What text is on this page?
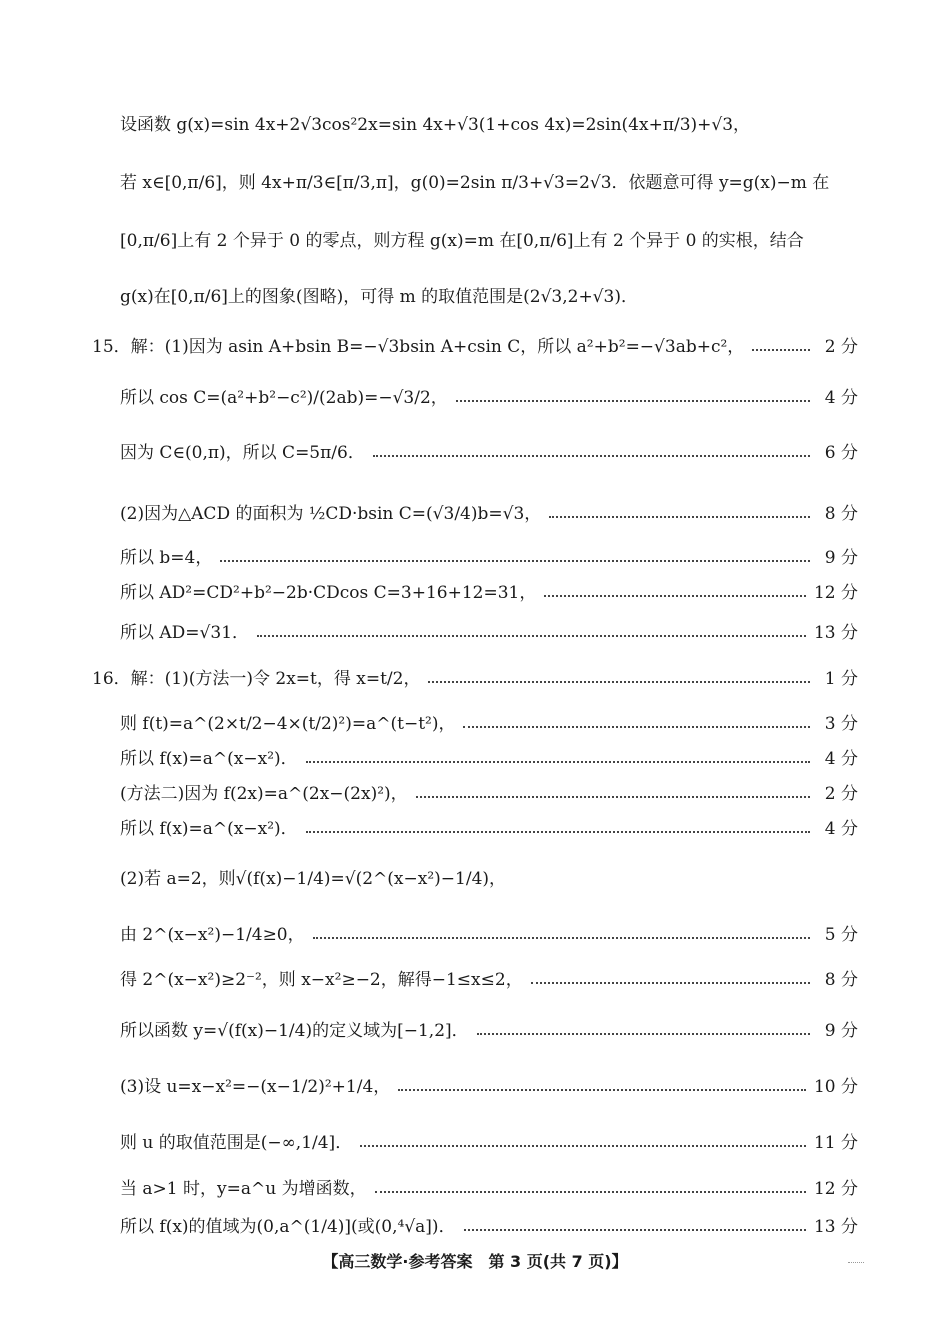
设函数 g(x)=sin 4x+2√3cos²2x=sin 4x+√3(1+cos 4x)=2sin(4x+π/3)+√3，
若 x∈[0,π/6]，则 4x+π/3∈[π/3,π]，g(0)=2sin π/3+√3=2√3．依题意可得 y=g(x)−m 在
[0,π/6]上有 2 个异于 0 的零点，则方程 g(x)=m 在[0,π/6]上有 2 个异于 0 的实根，结合
g(x)在[0,π/6]上的图象(图略)，可得 m 的取值范围是(2√3,2+√3)．
15．解：(1)因为 asin A+bsin B=−√3bsin A+csin C，所以 a²+b²=−√3ab+c²，	2 分
所以 cos C=(a²+b²−c²)/(2ab)=−√3/2，	4 分
因为 C∈(0,π)，所以 C=5π/6．	6 分
(2)因为△ACD 的面积为 ½CD·bsin C=(√3/4)b=√3，	8 分
所以 b=4，	9 分
所以 AD²=CD²+b²−2b·CDcos C=3+16+12=31，	12 分
所以 AD=√31．	13 分
16．解：(1)(方法一)令 2x=t，得 x=t/2，	1 分
则 f(t)=a^(2×t/2−4×(t/2)²)=a^(t−t²)，	3 分
所以 f(x)=a^(x−x²)．	4 分
(方法二)因为 f(2x)=a^(2x−(2x)²)，	2 分
所以 f(x)=a^(x−x²)．	4 分
(2)若 a=2，则√(f(x)−1/4)=√(2^(x−x²)−1/4)，
由 2^(x−x²)−1/4≥0，	5 分
得 2^(x−x²)≥2⁻²，则 x−x²≥−2，解得−1≤x≤2，	8 分
所以函数 y=√(f(x)−1/4)的定义域为[−1,2]．	9 分
(3)设 u=x−x²=−(x−1/2)²+1/4，	10 分
则 u 的取值范围是(−∞,1/4]．	11 分
当 a>1 时，y=a^u 为增函数，	12 分
所以 f(x)的值域为(0,a^(1/4)](或(0,⁴√a])．	13 分
【高三数学·参考答案　第 3 页(共 7 页)】
